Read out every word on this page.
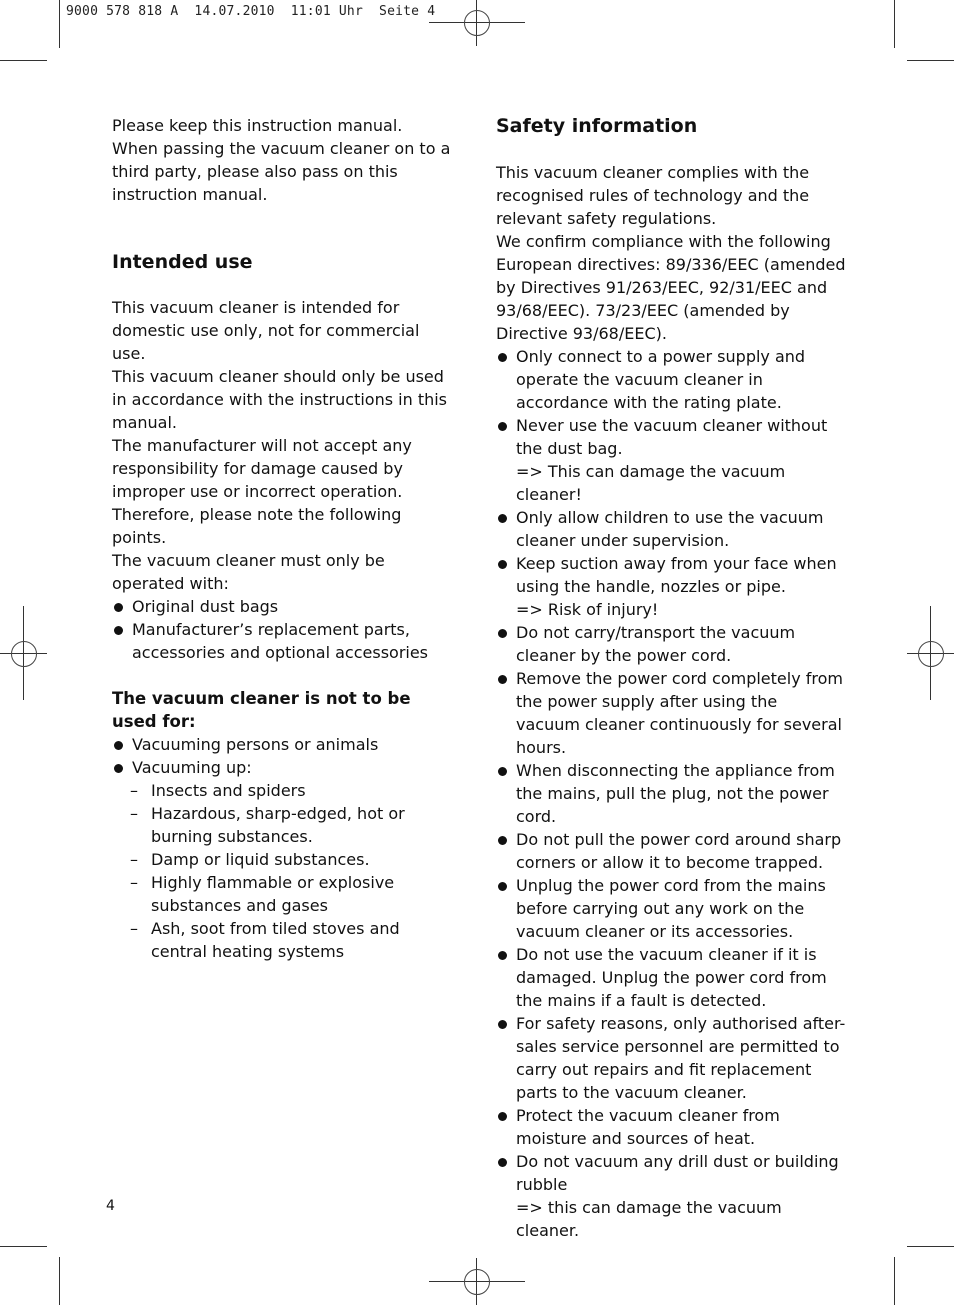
9000 578 818 A  14.07.2010  11:01 Uhr  Seite 4

Please keep this instruction manual.

When passing the vacuum cleaner on to a third party, please also pass on this instruction manual.

Intended use

This vacuum cleaner is intended for domestic use only, not for commercial use.

This vacuum cleaner should only be used in accordance with the instructions in this manual.

The manufacturer will not accept any responsibility for damage caused by improper use or incorrect operation.

Therefore, please note the following points.

The vacuum cleaner must only be operated with:

Original dust bags
Manufacturer’s replacement parts, accessories and optional accessories
The vacuum cleaner is not to be used for:
Vacuuming persons or animals
Vacuuming up:
– Insects and spiders
– Hazardous, sharp-edged, hot or burning substances.
– Damp or liquid substances.
– Highly flammable or explosive substances and gases
– Ash, soot from tiled stoves and central heating systems
Safety information

This vacuum cleaner complies with the recognised rules of technology and the relevant safety regulations.

We confirm compliance with the following European directives: 89/336/EEC (amended by Directives 91/263/EEC, 92/31/EEC and 93/68/EEC). 73/23/EEC (amended by Directive 93/68/EEC).

Only connect to a power supply and operate the vacuum cleaner in accordance with the rating plate.
Never use the vacuum cleaner without the dust bag.
=> This can damage the vacuum cleaner!
Only allow children to use the vacuum cleaner under supervision.
Keep suction away from your face when using the handle, nozzles or pipe.
=> Risk of injury!
Do not carry/transport the vacuum cleaner by the power cord.
Remove the power cord completely from the power supply after using the vacuum cleaner continuously for several hours.
When disconnecting the appliance from the mains, pull the plug, not the power cord.
Do not pull the power cord around sharp corners or allow it to become trapped.
Unplug the power cord from the mains before carrying out any work on the vacuum cleaner or its accessories.
Do not use the vacuum cleaner if it is damaged. Unplug the power cord from the mains if a fault is detected.
For safety reasons, only authorised after-sales service personnel are permitted to carry out repairs and fit replacement parts to the vacuum cleaner.
Protect the vacuum cleaner from moisture and sources of heat.
Do not vacuum any drill dust or building rubble
=> this can damage the vacuum cleaner.
4
